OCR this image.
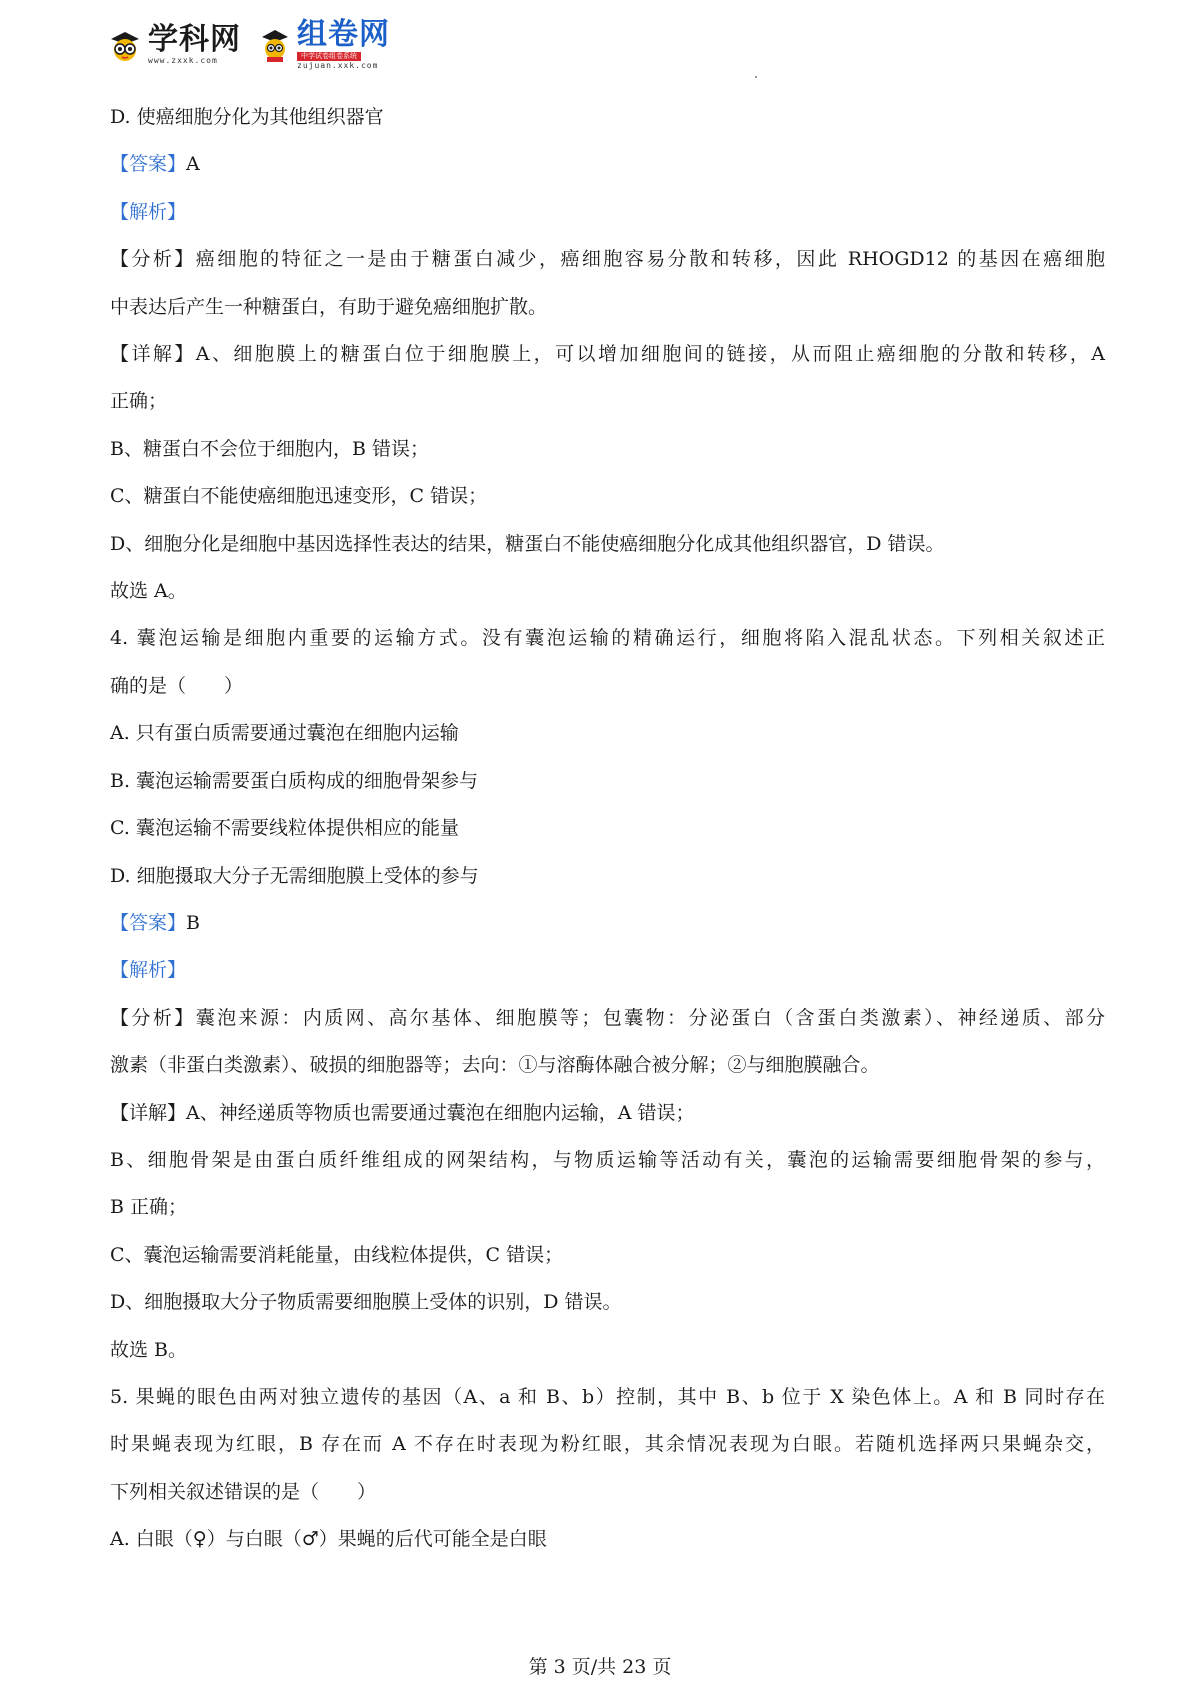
学科网
www.zxxk.com
组卷网
中学试卷组卷系统
zujuan.xxk.com
D. 使癌细胞分化为其他组织器官
【答案】A
【解析】
【分析】癌细胞的特征之一是由于糖蛋白减少，癌细胞容易分散和转移，因此 RHOGD12 的基因在癌细胞
中表达后产生一种糖蛋白，有助于避免癌细胞扩散。
【详解】A、细胞膜上的糖蛋白位于细胞膜上，可以增加细胞间的链接，从而阻止癌细胞的分散和转移，A
正确；
B、糖蛋白不会位于细胞内，B 错误；
C、糖蛋白不能使癌细胞迅速变形，C 错误；
D、细胞分化是细胞中基因选择性表达的结果，糖蛋白不能使癌细胞分化成其他组织器官，D 错误。
故选 A。
4. 囊泡运输是细胞内重要的运输方式。没有囊泡运输的精确运行，细胞将陷入混乱状态。下列相关叙述正
确的是（　　）
A. 只有蛋白质需要通过囊泡在细胞内运输
B. 囊泡运输需要蛋白质构成的细胞骨架参与
C. 囊泡运输不需要线粒体提供相应的能量
D. 细胞摄取大分子无需细胞膜上受体的参与
【答案】B
【解析】
【分析】囊泡来源：内质网、高尔基体、细胞膜等；包囊物：分泌蛋白（含蛋白类激素）、神经递质、部分
激素（非蛋白类激素）、破损的细胞器等；去向：①与溶酶体融合被分解；②与细胞膜融合。
【详解】A、神经递质等物质也需要通过囊泡在细胞内运输，A 错误；
B、细胞骨架是由蛋白质纤维组成的网架结构，与物质运输等活动有关，囊泡的运输需要细胞骨架的参与，
B 正确；
C、囊泡运输需要消耗能量，由线粒体提供，C 错误；
D、细胞摄取大分子物质需要细胞膜上受体的识别，D 错误。
故选 B。
5. 果蝇的眼色由两对独立遗传的基因（A、a 和 B、b）控制，其中 B、b 位于 X 染色体上。A 和 B 同时存在
时果蝇表现为红眼，B 存在而 A 不存在时表现为粉红眼，其余情况表现为白眼。若随机选择两只果蝇杂交，
下列相关叙述错误的是（　　）
A. 白眼（♀）与白眼（♂）果蝇的后代可能全是白眼
第 3 页/共 23 页
